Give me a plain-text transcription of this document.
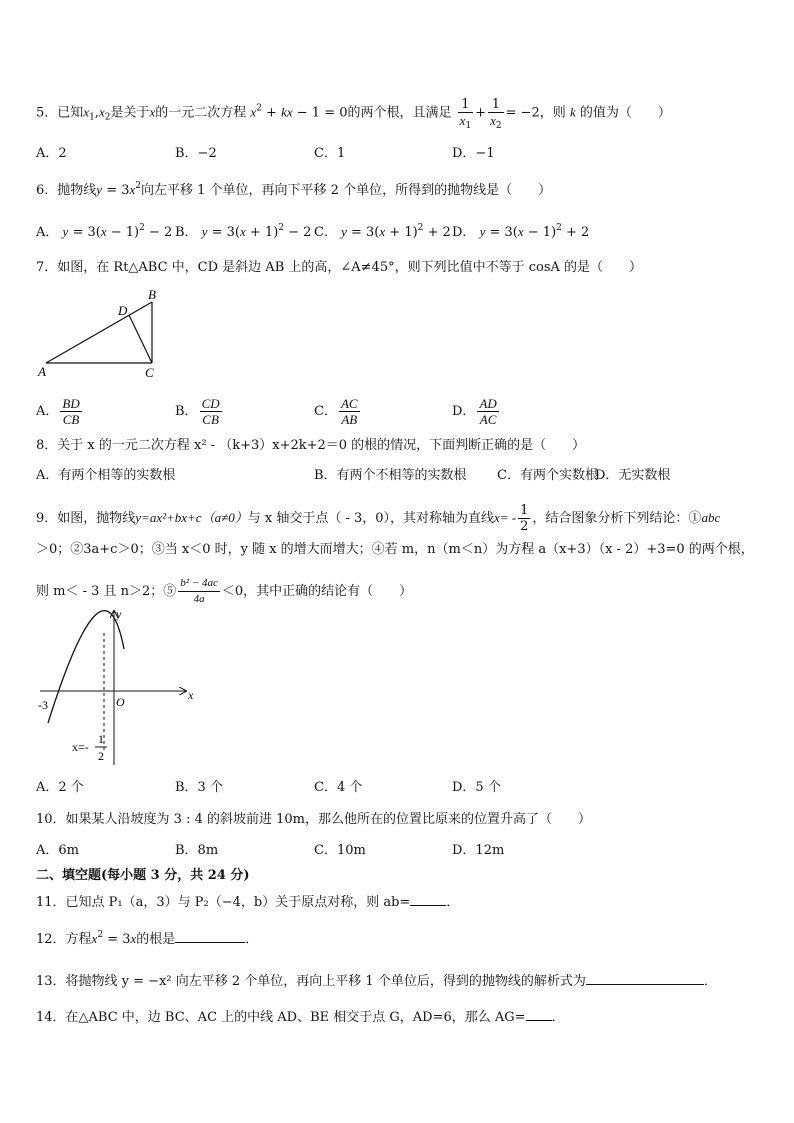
5．已知$x_1,x_2$是关于x的一元二次方程 $x^2$ + kx − 1 = 0的两个根，且满足 $\frac{1}{x_1} + \frac{1}{x_2} = -2$，则 k 的值为（　　）
A．2	B．−2	C．1	D．−1
6．抛物线$y = 3x^2$向左平移 1 个单位，再向下平移 2 个单位，所得到的抛物线是（　　）
A． $y = 3(x - 1)^2 - 2$ B． $y = 3(x + 1)^2 - 2$ C． $y = 3(x + 1)^2 + 2$ D． $y = 3(x - 1)^2 + 2$
7．如图，在 Rt△ABC 中，CD 是斜边 AB 上的高，∠A≠45°，则下列比值中不等于 cosA 的是（　　）
A
B
C
D
A． $\frac{BD}{CB}$	B． $\frac{CD}{CB}$	C． $\frac{AC}{AB}$	D． $\frac{AD}{AC}$
8．关于 x 的一元二次方程 x² - （k+3）x+2k+2＝0 的根的情况，下面判断正确的是（　　）
A．有两个相等的实数根	B．有两个不相等的实数根 C．有两个实数根
D．无实数根
9．如图，抛物线y=ax²+bx+c（a≠0）与 x 轴交于点（ - 3，0），其对称轴为直线$x= - \frac{1}{2}$ ，结合图象分析下列结论：①abc
＞0；②3a+c＞0；③当 x＜0 时，y 随 x 的增大而增大；④若 m，n（m＜n）为方程 a（x+3）（x - 2）+3=0 的两个根，
则 m＜ - 3 且 n＞2；⑤ $\frac{\text{b² − 4ac}}{4a} <0$，其中正确的结论有（　　）
y
x
O
-3
x=-
1
2
A．2 个	B．3 个	C．4 个	D．5 个
10．如果某人沿坡度为 3 : 4 的斜坡前进 10m，那么他所在的位置比原来的位置升高了（　　）
A．6m	B．8m	C．10m	D．12m
二、填空题(每小题 3 分，共 24 分)
11．已知点 P₁（a，3）与 P₂（−4，b）关于原点对称，则 ab=	．
12．方程$x^2 = 3x$的根是	．
13．将抛物线 y = −x² 向左平移 2 个单位，再向上平移 1 个单位后，得到的抛物线的解析式为	．
14．在△ABC 中，边 BC、AC 上的中线 AD、BE 相交于点 G，AD=6，那么 AG= ．
